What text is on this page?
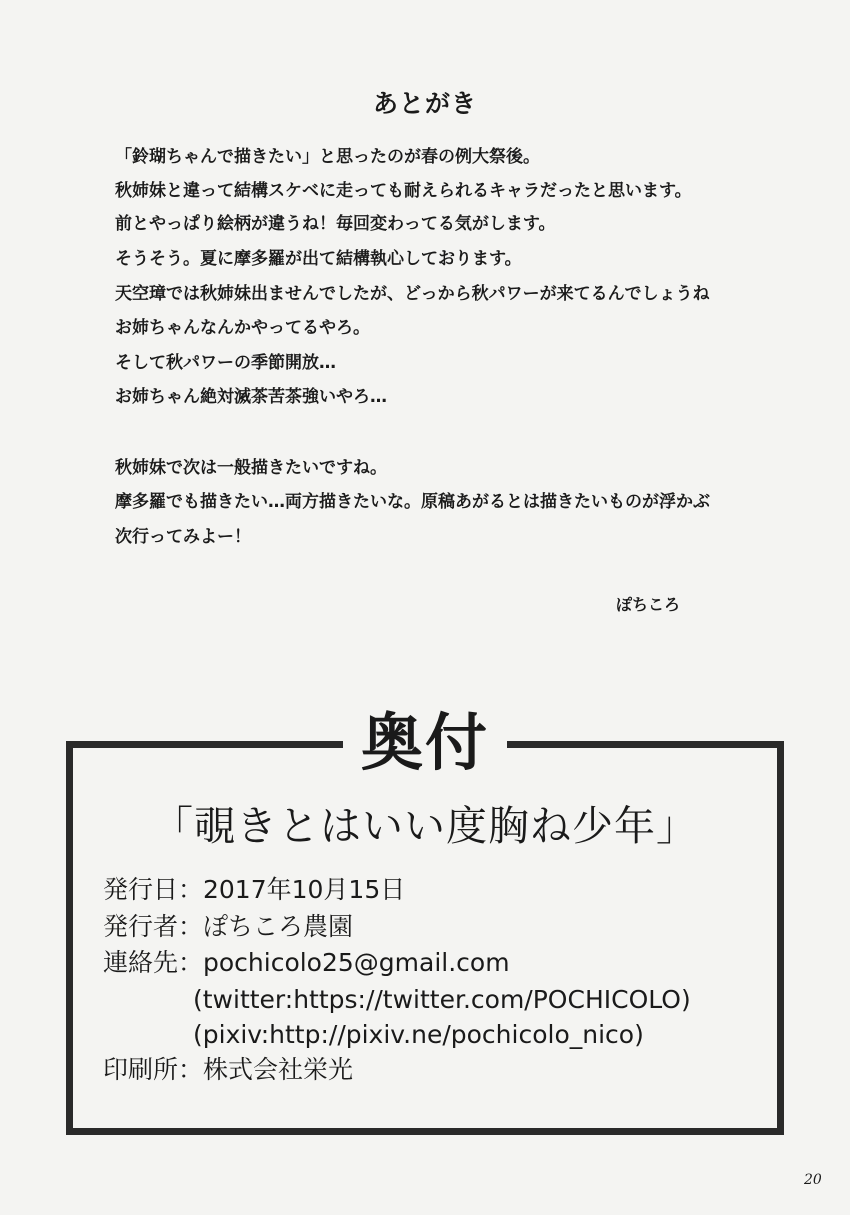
あとがき
「鈴瑚ちゃんで描きたい」と思ったのが春の例大祭後。
秋姉妹と違って結構スケベに走っても耐えられるキャラだったと思います。
前とやっぱり絵柄が違うね！毎回変わってる気がします。
そうそう。夏に摩多羅が出て結構執心しております。
天空璋では秋姉妹出ませんでしたが、どっから秋パワーが来てるんでしょうね
お姉ちゃんなんかやってるやろ。
そして秋パワーの季節開放…
お姉ちゃん絶対滅茶苦茶強いやろ…
秋姉妹で次は一般描きたいですね。
摩多羅でも描きたい…両方描きたいな。原稿あがるとは描きたいものが浮かぶ
次行ってみよー！
ぽちころ
奥付
「覗きとはいい度胸ね少年」
発行日：2017年10月15日
発行者：ぽちころ農園
連絡先：pochicolo25@gmail.com
(twitter:https://twitter.com/POCHICOLO)
(pixiv:http://pixiv.ne/pochicolo_nico)
印刷所：株式会社栄光
20
